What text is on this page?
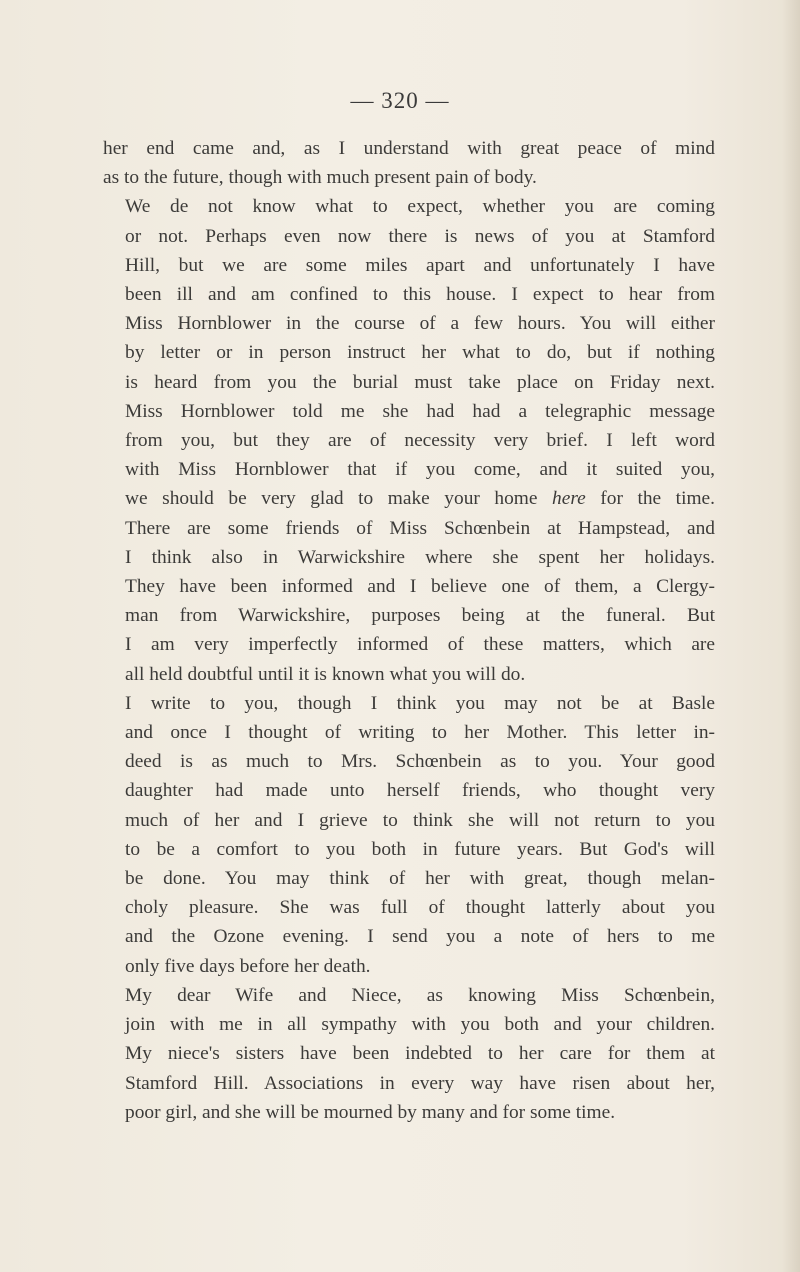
— 320 —

her end came and, as I understand with great peace of mind
as to the future, though with much present pain of body.

We de not know what to expect, whether you are coming
or not. Perhaps even now there is news of you at Stamford
Hill, but we are some miles apart and unfortunately I have
been ill and am confined to this house. I expect to hear from
Miss Hornblower in the course of a few hours. You will either
by letter or in person instruct her what to do, but if nothing
is heard from you the burial must take place on Friday next.
Miss Hornblower told me she had had a telegraphic message
from you, but they are of necessity very brief. I left word
with Miss Hornblower that if you come, and it suited you,
we should be very glad to make your home here for the time.
There are some friends of Miss Schœnbein at Hampstead, and
I think also in Warwickshire where she spent her holidays.
They have been informed and I believe one of them, a Clergy-
man from Warwickshire, purposes being at the funeral. But
I am very imperfectly informed of these matters, which are
all held doubtful until it is known what you will do.

I write to you, though I think you may not be at Basle
and once I thought of writing to her Mother. This letter in-
deed is as much to Mrs. Schœnbein as to you. Your good
daughter had made unto herself friends, who thought very
much of her and I grieve to think she will not return to you
to be a comfort to you both in future years. But God's will
be done. You may think of her with great, though melan-
choly pleasure. She was full of thought latterly about you
and the Ozone evening. I send you a note of hers to me
only five days before her death.

My dear Wife and Niece, as knowing Miss Schœnbein,
join with me in all sympathy with you both and your children.
My niece's sisters have been indebted to her care for them at
Stamford Hill. Associations in every way have risen about her,
poor girl, and she will be mourned by many and for some time.
